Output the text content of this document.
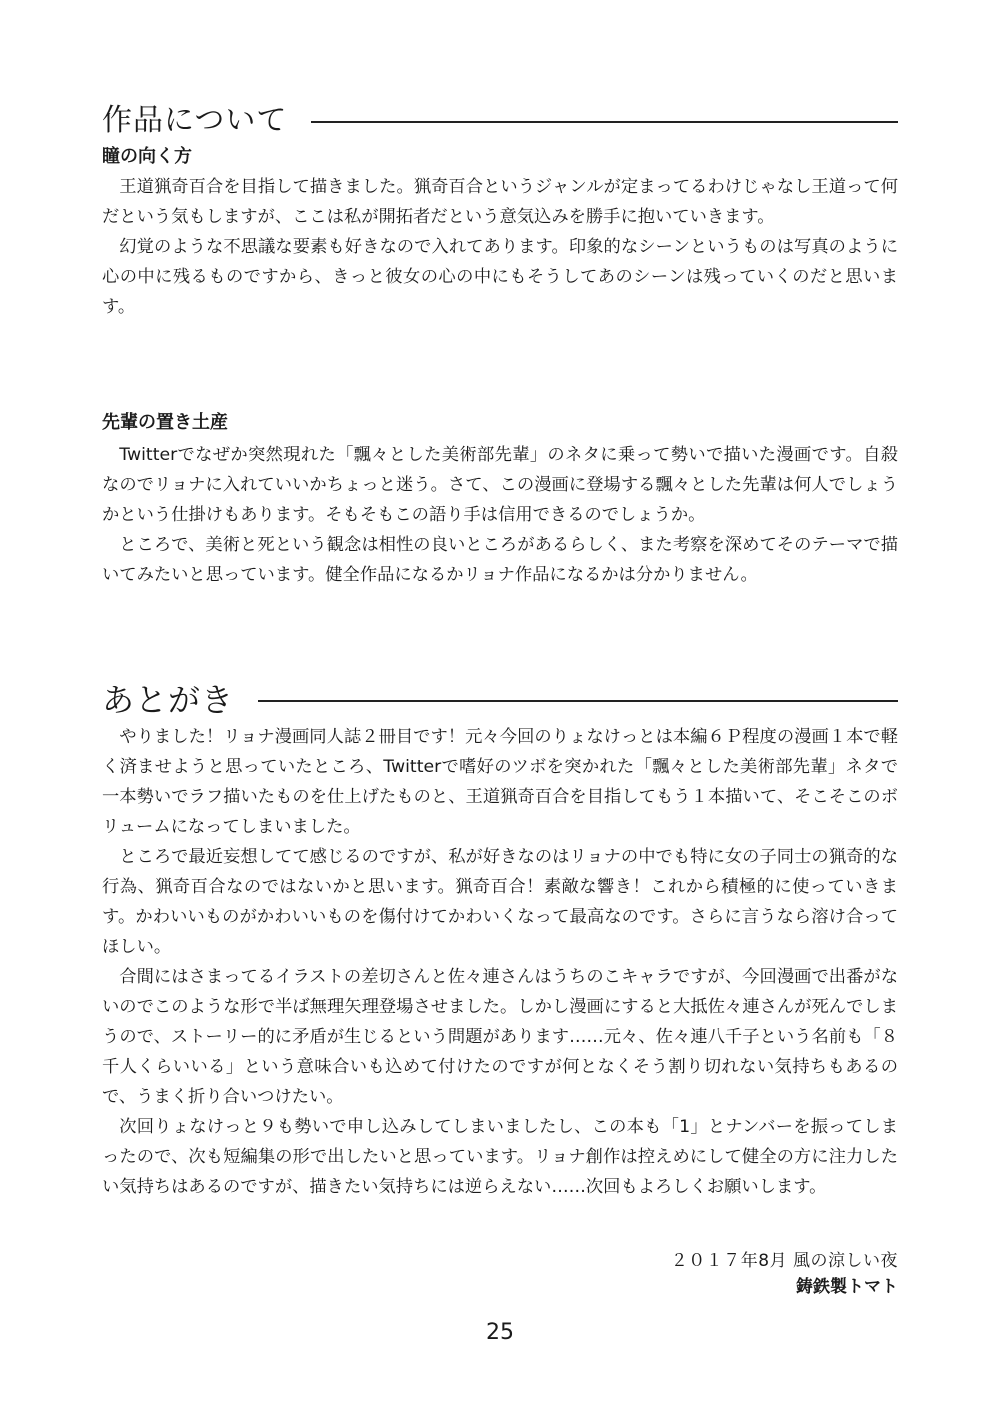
作品について
瞳の向く方

王道猟奇百合を目指して描きました。猟奇百合というジャンルが定まってるわけじゃなし王道って何だという気もしますが、ここは私が開拓者だという意気込みを勝手に抱いていきます。

幻覚のような不思議な要素も好きなので入れてあります。印象的なシーンというものは写真のように心の中に残るものですから、きっと彼女の心の中にもそうしてあのシーンは残っていくのだと思います。

先輩の置き土産

Twitterでなぜか突然現れた「飄々とした美術部先輩」のネタに乗って勢いで描いた漫画です。自殺なのでリョナに入れていいかちょっと迷う。さて、この漫画に登場する飄々とした先輩は何人でしょうかという仕掛けもあります。そもそもこの語り手は信用できるのでしょうか。

ところで、美術と死という観念は相性の良いところがあるらしく、また考察を深めてそのテーマで描いてみたいと思っています。健全作品になるかリョナ作品になるかは分かりません。

あとがき

やりました！リョナ漫画同人誌２冊目です！元々今回のりょなけっとは本編６Ｐ程度の漫画１本で軽く済ませようと思っていたところ、Twitterで嗜好のツボを突かれた「飄々とした美術部先輩」ネタで一本勢いでラフ描いたものを仕上げたものと、王道猟奇百合を目指してもう１本描いて、そこそこのボリュームになってしまいました。

ところで最近妄想してて感じるのですが、私が好きなのはリョナの中でも特に女の子同士の猟奇的な行為、猟奇百合なのではないかと思います。猟奇百合！素敵な響き！これから積極的に使っていきます。かわいいものがかわいいものを傷付けてかわいくなって最高なのです。さらに言うなら溶け合ってほしい。

合間にはさまってるイラストの差切さんと佐々連さんはうちのこキャラですが、今回漫画で出番がないのでこのような形で半ば無理矢理登場させました。しかし漫画にすると大抵佐々連さんが死んでしまうので、ストーリー的に矛盾が生じるという問題があります……元々、佐々連八千子という名前も「８千人くらいいる」という意味合いも込めて付けたのですが何となくそう割り切れない気持ちもあるので、うまく折り合いつけたい。

次回りょなけっと９も勢いで申し込みしてしまいましたし、この本も「1」とナンバーを振ってしまったので、次も短編集の形で出したいと思っています。リョナ創作は控えめにして健全の方に注力したい気持ちはあるのですが、描きたい気持ちには逆らえない……次回もよろしくお願いします。

２０１７年8月 風の涼しい夜
鋳鉄製トマト
25
